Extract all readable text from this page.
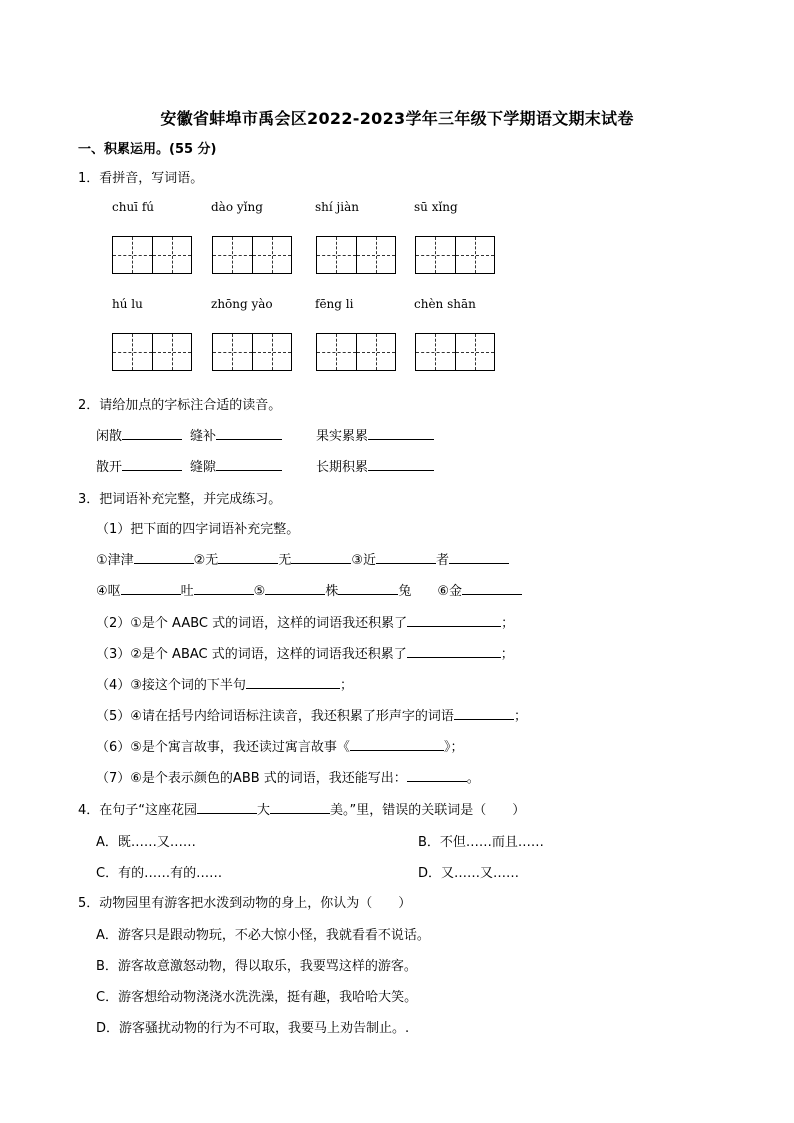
安徽省蚌埠市禹会区2022-2023学年三年级下学期语文期末试卷
一、积累运用。(55 分)
1．看拼音，写词语。
chuī fú	dào yǐng	shí jiàn	sū xǐng
hú lu	zhōng yào	fēng li	chèn shān
2．请给加点的字标注合适的读音。
闲散	缝补	果实累累
散开	缝隙	长期积累
3．把词语补充完整，并完成练习。
（1）把下面的四字词语补充完整。
①津津	②无	无	③近	者
④呕	吐	⑤	株	兔 ⑥金
（2）①是个 AABC 式的词语，这样的词语我还积累了	；
（3）②是个 ABAC 式的词语，这样的词语我还积累了	；
（4）③接这个词的下半句	；
（5）④请在括号内给词语标注读音，我还积累了形声字的词语	；
（6）⑤是个寓言故事，我还读过寓言故事《	》；
（7）⑥是个表示颜色的ABB 式的词语，我还能写出：	。
4．在句子“这座花园	大	美。”里，错误的关联词是（　　）
A．既……又……	B．不但……而且……
C．有的……有的……	D．又……又……
5．动物园里有游客把水泼到动物的身上，你认为（　　）
A．游客只是跟动物玩，不必大惊小怪，我就看看不说话。
B．游客故意激怒动物，得以取乐，我要骂这样的游客。
C．游客想给动物浇浇水洗洗澡，挺有趣，我哈哈大笑。
D．游客骚扰动物的行为不可取，我要马上劝告制止。.
